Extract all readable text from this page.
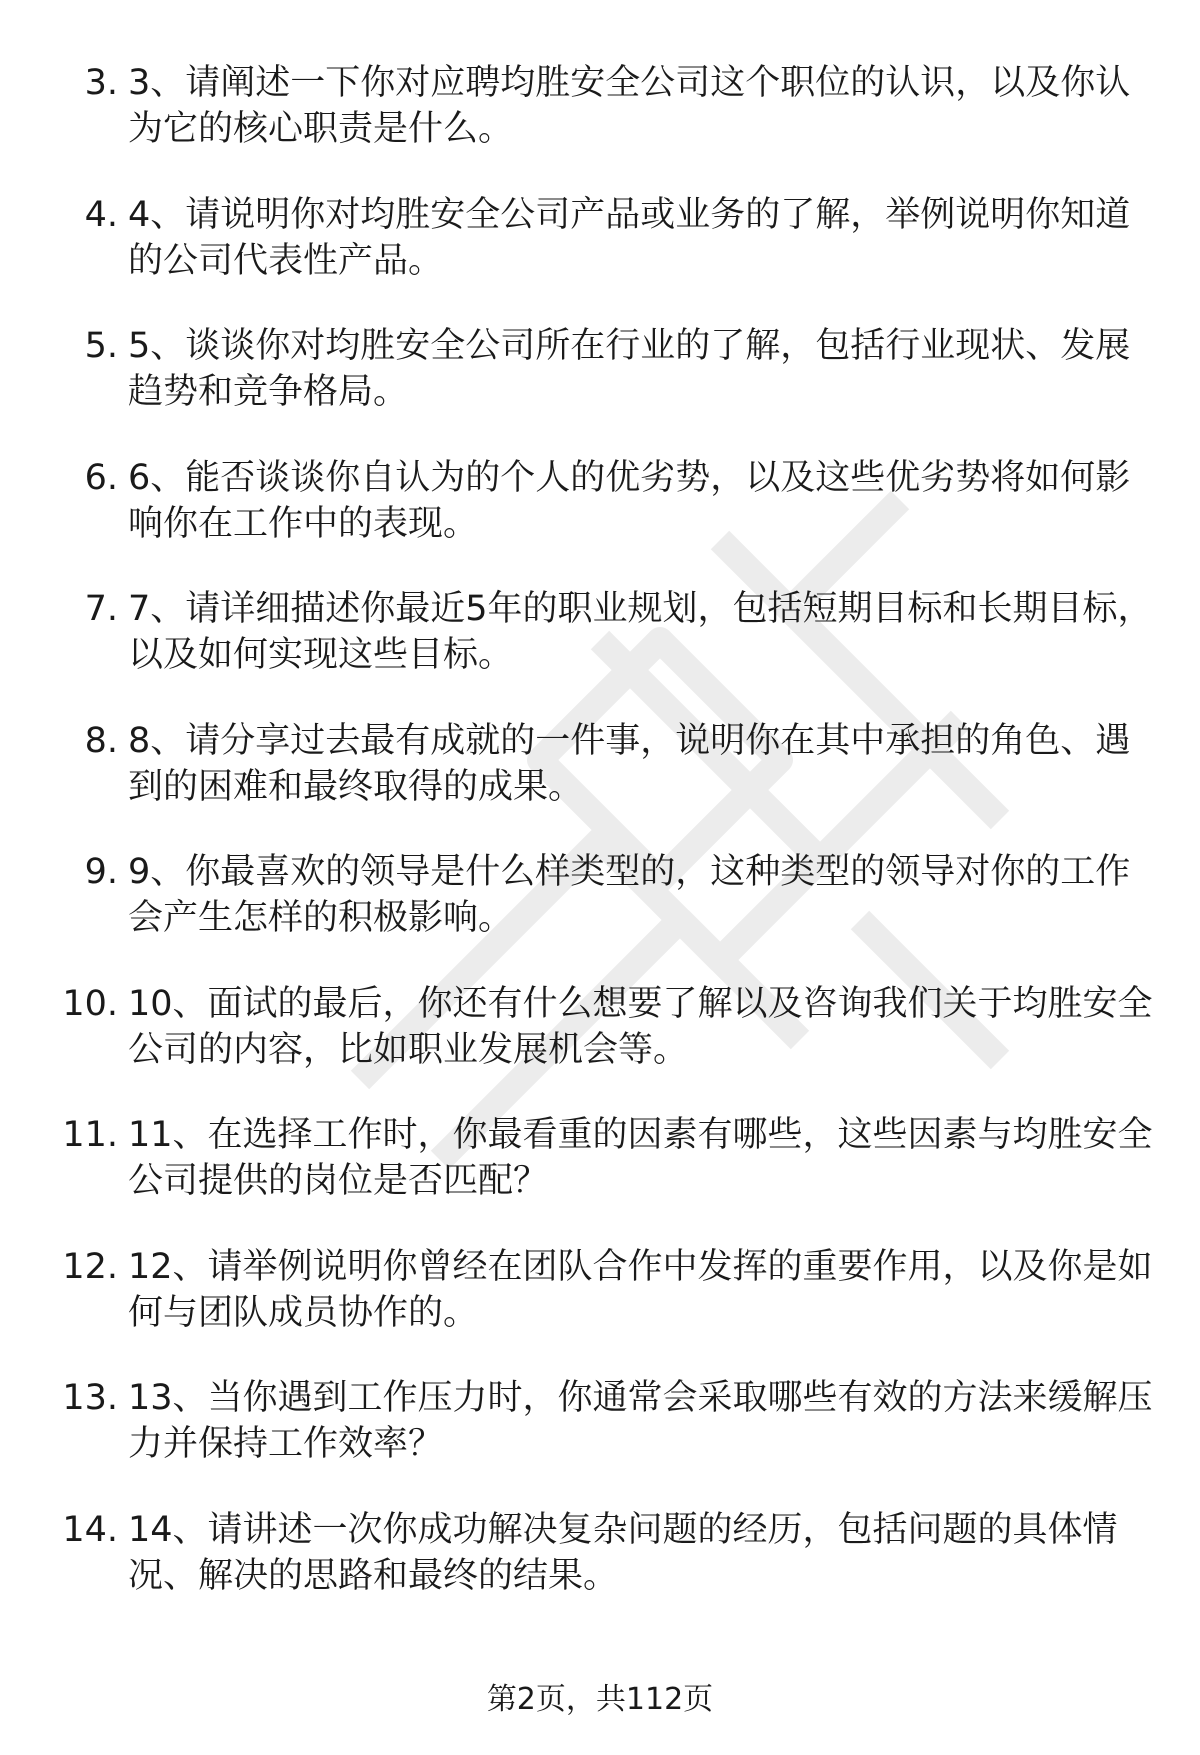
3. 3、请阐述一下你对应聘均胜安全公司这个职位的认识，以及你认为它的核心职责是什么。

4. 4、请说明你对均胜安全公司产品或业务的了解，举例说明你知道的公司代表性产品。

5. 5、谈谈你对均胜安全公司所在行业的了解，包括行业现状、发展趋势和竞争格局。

6. 6、能否谈谈你自认为的个人的优劣势，以及这些优劣势将如何影响你在工作中的表现。

7. 7、请详细描述你最近5年的职业规划，包括短期目标和长期目标，以及如何实现这些目标。

8. 8、请分享过去最有成就的一件事，说明你在其中承担的角色、遇到的困难和最终取得的成果。

9. 9、你最喜欢的领导是什么样类型的，这种类型的领导对你的工作会产生怎样的积极影响。

10. 10、面试的最后，你还有什么想要了解以及咨询我们关于均胜安全公司的内容，比如职业发展机会等。

11. 11、在选择工作时，你最看重的因素有哪些，这些因素与均胜安全公司提供的岗位是否匹配？

12. 12、请举例说明你曾经在团队合作中发挥的重要作用，以及你是如何与团队成员协作的。

13. 13、当你遇到工作压力时，你通常会采取哪些有效的方法来缓解压力并保持工作效率？

14. 14、请讲述一次你成功解决复杂问题的经历，包括问题的具体情况、解决的思路和最终的结果。

第2页，共112页
